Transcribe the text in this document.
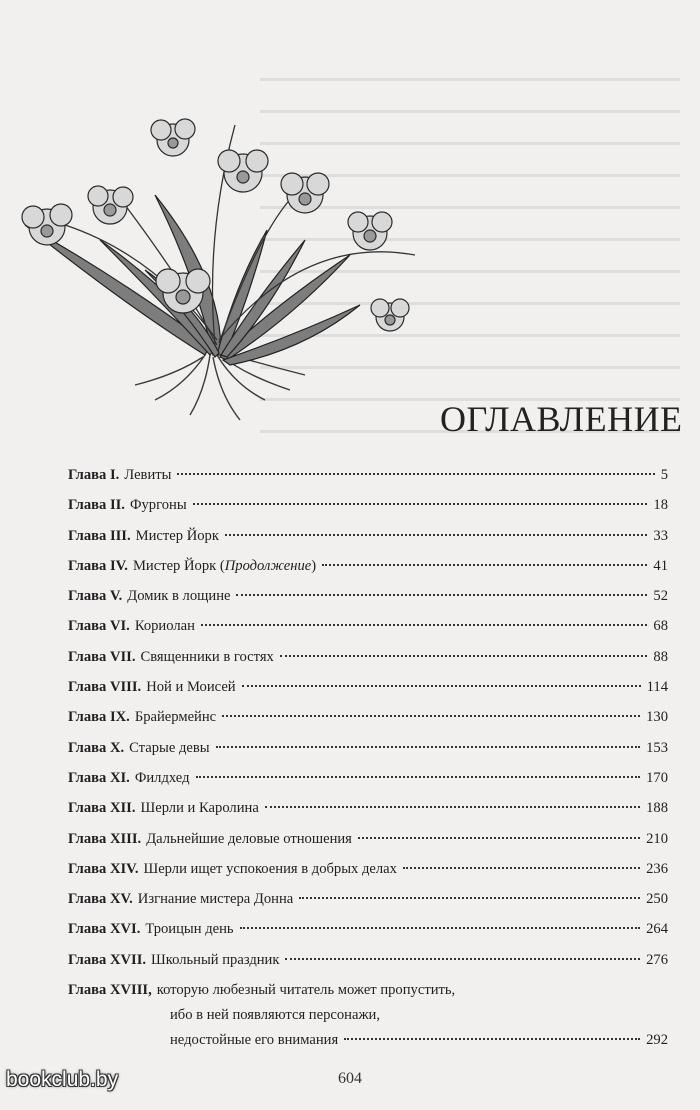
ОГЛАВЛЕНИЕ
Глава I. Левиты	5
Глава II. Фургоны	18
Глава III. Мистер Йорк	33
Глава IV. Мистер Йорк (Продолжение)	41
Глава V. Домик в лощине	52
Глава VI. Кориолан	68
Глава VII. Священники в гостях	88
Глава VIII. Ной и Моисей	114
Глава IX. Брайермейнс	130
Глава X. Старые девы	153
Глава XI. Филдхед	170
Глава XII. Шерли и Каролина	188
Глава XIII. Дальнейшие деловые отношения	210
Глава XIV. Шерли ищет успокоения в добрых делах	236
Глава XV. Изгнание мистера Донна	250
Глава XVI. Троицын день	264
Глава XVII. Школьный праздник	276
Глава XVIII, которую любезный читатель может пропустить,
ибо в ней появляются персонажи,
недостойные его внимания	292
604
bookclub.by
